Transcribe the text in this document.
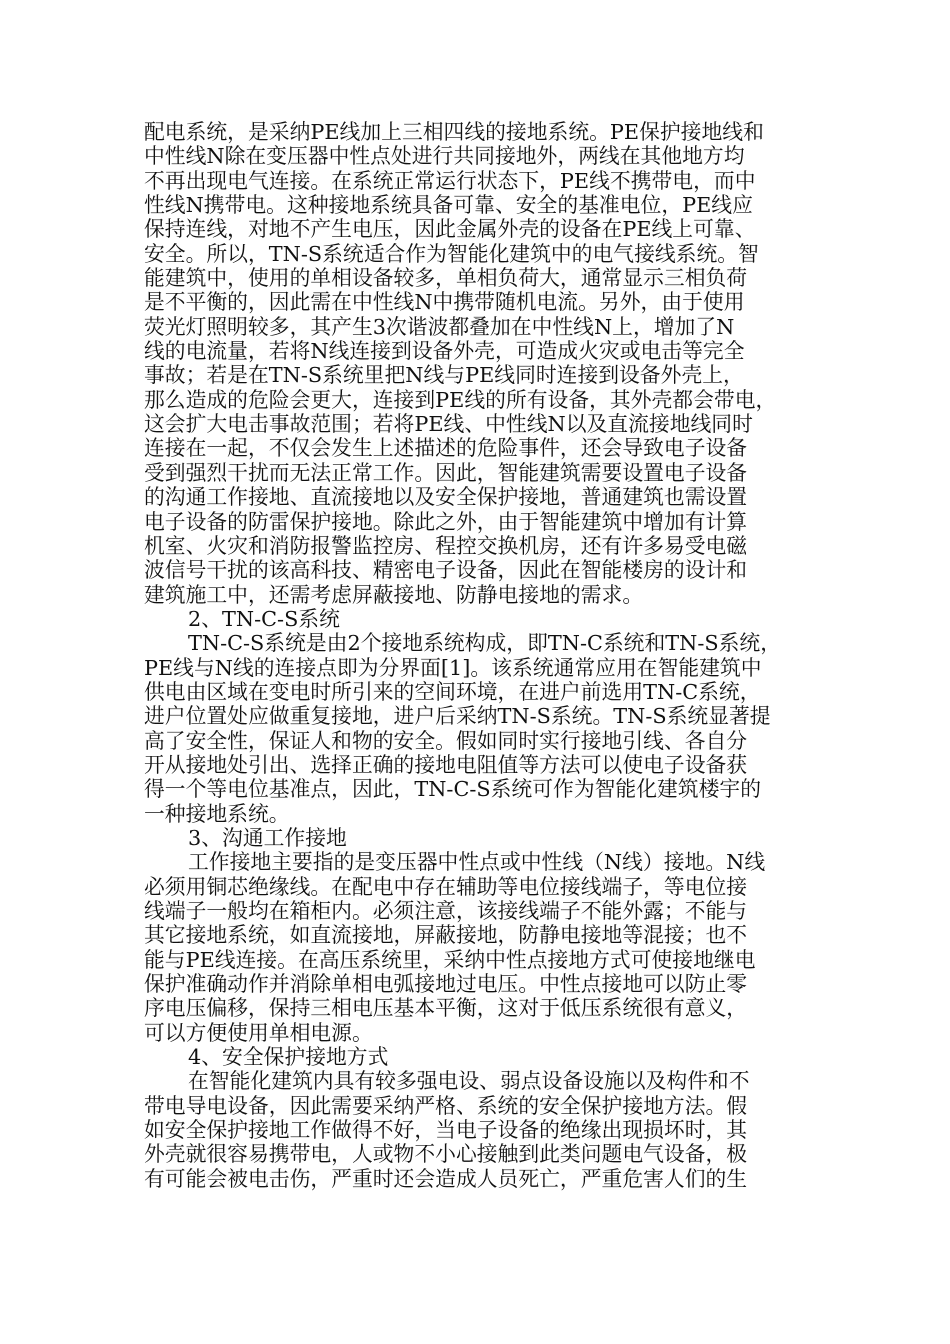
配电系统，是采纳PE线加上三相四线的接地系统。PE保护接地线和
中性线N除在变压器中性点处进行共同接地外，两线在其他地方均
不再出现电气连接。在系统正常运行状态下，PE线不携带电，而中
性线N携带电。这种接地系统具备可靠、安全的基准电位，PE线应
保持连线，对地不产生电压，因此金属外壳的设备在PE线上可靠、
安全。所以，TN-S系统适合作为智能化建筑中的电气接线系统。智
能建筑中，使用的单相设备较多，单相负荷大，通常显示三相负荷
是不平衡的，因此需在中性线N中携带随机电流。另外，由于使用
荧光灯照明较多，其产生3次谐波都叠加在中性线N上，增加了N
线的电流量，若将N线连接到设备外壳，可造成火灾或电击等完全
事故；若是在TN-S系统里把N线与PE线同时连接到设备外壳上，
那么造成的危险会更大，连接到PE线的所有设备，其外壳都会带电，
这会扩大电击事故范围；若将PE线、中性线N以及直流接地线同时
连接在一起，不仅会发生上述描述的危险事件，还会导致电子设备
受到强烈干扰而无法正常工作。因此，智能建筑需要设置电子设备
的沟通工作接地、直流接地以及安全保护接地，普通建筑也需设置
电子设备的防雷保护接地。除此之外，由于智能建筑中增加有计算
机室、火灾和消防报警监控房、程控交换机房，还有许多易受电磁
波信号干扰的该高科技、精密电子设备，因此在智能楼房的设计和
建筑施工中，还需考虑屏蔽接地、防静电接地的需求。
2、TN-C-S系统
TN-C-S系统是由2个接地系统构成，即TN-C系统和TN-S系统，
PE线与N线的连接点即为分界面[1]。该系统通常应用在智能建筑中
供电由区域在变电时所引来的空间环境，在进户前选用TN-C系统，
进户位置处应做重复接地，进户后采纳TN-S系统。TN-S系统显著提
高了安全性，保证人和物的安全。假如同时实行接地引线、各自分
开从接地处引出、选择正确的接地电阻值等方法可以使电子设备获
得一个等电位基准点，因此，TN-C-S系统可作为智能化建筑楼宇的
一种接地系统。
3、沟通工作接地
工作接地主要指的是变压器中性点或中性线（N线）接地。N线
必须用铜芯绝缘线。在配电中存在辅助等电位接线端子，等电位接
线端子一般均在箱柜内。必须注意，该接线端子不能外露；不能与
其它接地系统，如直流接地，屏蔽接地，防静电接地等混接；也不
能与PE线连接。在高压系统里，采纳中性点接地方式可使接地继电
保护准确动作并消除单相电弧接地过电压。中性点接地可以防止零
序电压偏移，保持三相电压基本平衡，这对于低压系统很有意义，
可以方便使用单相电源。
4、安全保护接地方式
在智能化建筑内具有较多强电设、弱点设备设施以及构件和不
带电导电设备，因此需要采纳严格、系统的安全保护接地方法。假
如安全保护接地工作做得不好，当电子设备的绝缘出现损坏时，其
外壳就很容易携带电，人或物不小心接触到此类问题电气设备，极
有可能会被电击伤，严重时还会造成人员死亡，严重危害人们的生
